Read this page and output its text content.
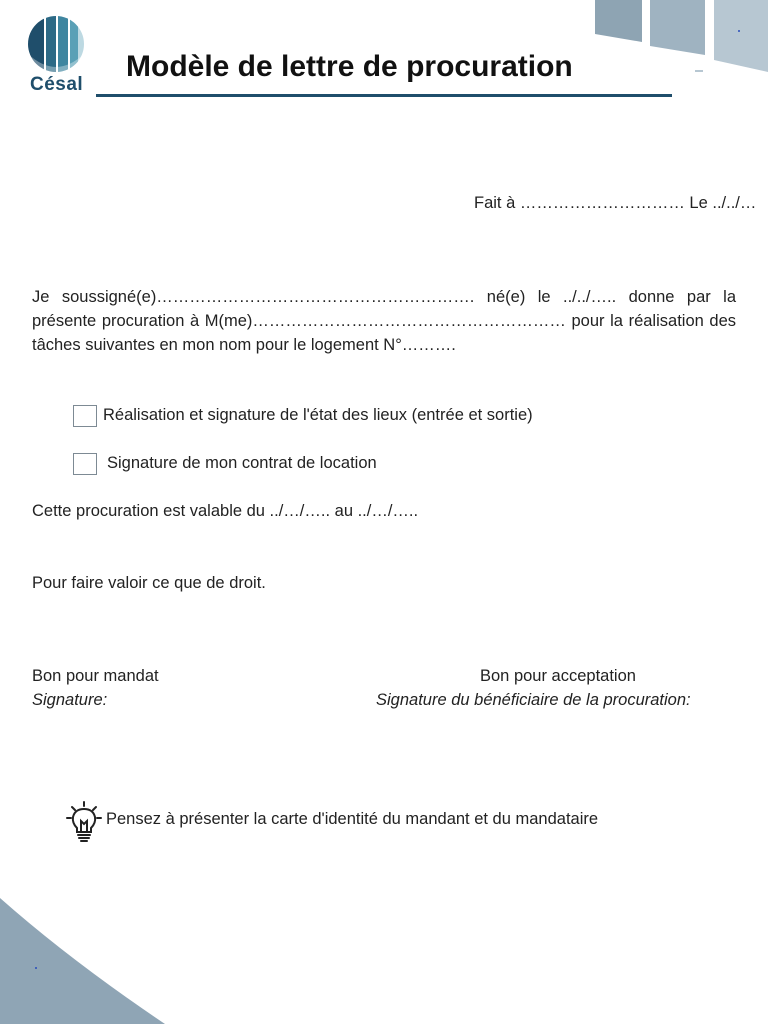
Césal
Modèle de lettre de procuration
Fait à ………………………… Le ../../…
Je soussigné(e)…………………………………………………. né(e) le ../../….. donne par la présente procuration à M(me)………………………………………………… pour la réalisation des tâches suivantes en mon nom pour le logement N°……….
Réalisation et signature de l'état des lieux (entrée et sortie)
Signature de mon contrat de location
Cette procuration est valable du ../…/….. au ../…/…..
Pour faire valoir ce que de droit.
Bon pour mandat
Signature:
Bon pour acceptation
Signature du bénéficiaire de la procuration:
Pensez à présenter la carte d'identité du mandant et du mandataire
